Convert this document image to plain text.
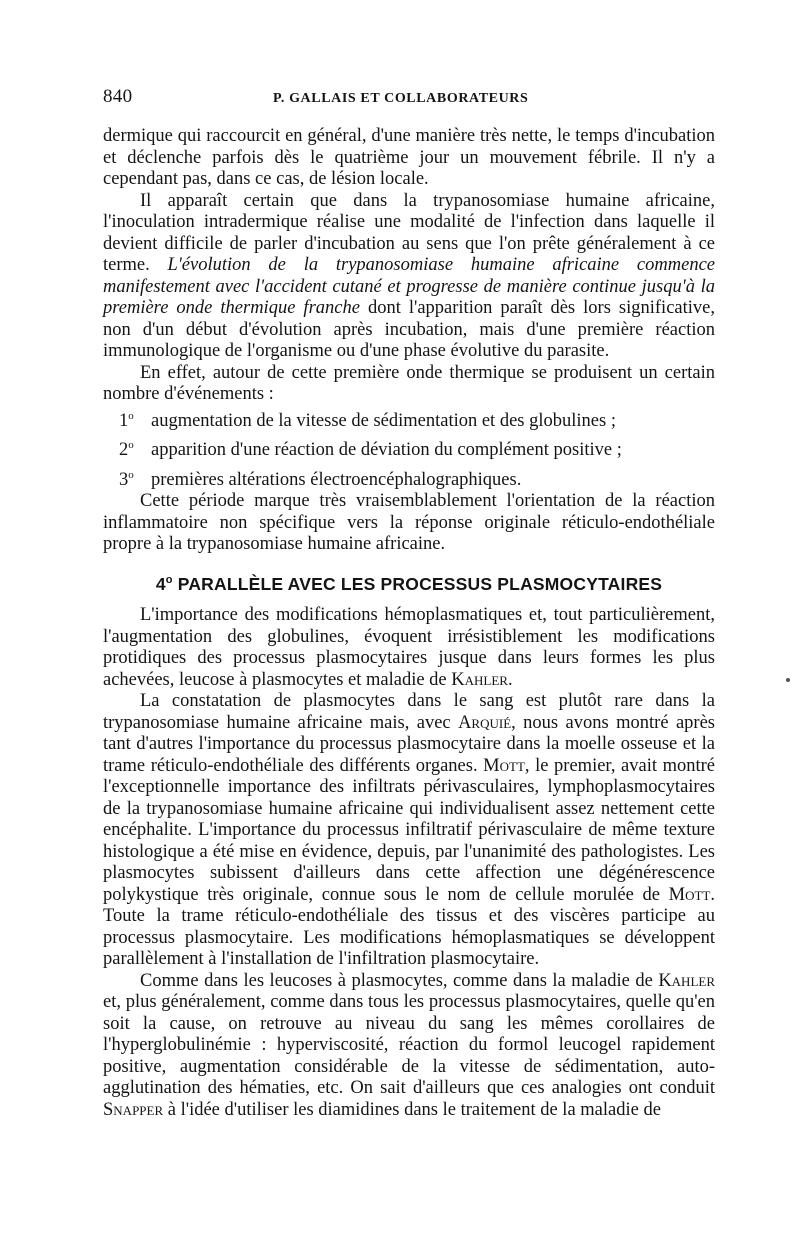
840	P. GALLAIS ET COLLABORATEURS

dermique qui raccourcit en général, d'une manière très nette, le temps d'incubation et déclenche parfois dès le quatrième jour un mouvement fébrile. Il n'y a cependant pas, dans ce cas, de lésion locale.

Il apparaît certain que dans la trypanosomiase humaine africaine, l'inoculation intradermique réalise une modalité de l'infection dans laquelle il devient difficile de parler d'incubation au sens que l'on prête généralement à ce terme. L'évolution de la trypanosomiase humaine africaine commence manifestement avec l'accident cutané et progresse de manière continue jusqu'à la première onde thermique franche dont l'apparition paraît dès lors significative, non d'un début d'évolution après incubation, mais d'une première réaction immunologique de l'organisme ou d'une phase évolutive du parasite.

En effet, autour de cette première onde thermique se produisent un certain nombre d'événements :

1$^o$ augmentation de la vitesse de sédimentation et des globulines ;

2$^o$ apparition d'une réaction de déviation du complément positive ;

3$^o$ premières altérations électroencéphalographiques.

Cette période marque très vraisemblablement l'orientation de la réaction inflammatoire non spécifique vers la réponse originale réticulo-endothéliale propre à la trypanosomiase humaine africaine.

4$^o$ PARALLÈLE AVEC LES PROCESSUS PLASMOCYTAIRES

L'importance des modifications hémoplasmatiques et, tout particulièrement, l'augmentation des globulines, évoquent irrésistiblement les modifications protidiques des processus plasmocytaires jusque dans leurs formes les plus achevées, leucose à plasmocytes et maladie de Kahler.

La constatation de plasmocytes dans le sang est plutôt rare dans la trypanosomiase humaine africaine mais, avec Arquié, nous avons montré après tant d'autres l'importance du processus plasmocytaire dans la moelle osseuse et la trame réticulo-endothéliale des différents organes. Mott, le premier, avait montré l'exceptionnelle importance des infiltrats périvasculaires, lymphoplasmocytaires de la trypanosomiase humaine africaine qui individualisent assez nettement cette encéphalite. L'importance du processus infiltratif périvasculaire de même texture histologique a été mise en évidence, depuis, par l'unanimité des pathologistes. Les plasmocytes subissent d'ailleurs dans cette affection une dégénérescence polykystique très originale, connue sous le nom de cellule morulée de Mott. Toute la trame réticulo-endothéliale des tissus et des viscères participe au processus plasmocytaire. Les modifications hémoplasmatiques se développent parallèlement à l'installation de l'infiltration plasmocytaire.

Comme dans les leucoses à plasmocytes, comme dans la maladie de Kahler et, plus généralement, comme dans tous les processus plasmocytaires, quelle qu'en soit la cause, on retrouve au niveau du sang les mêmes corollaires de l'hyperglobulinémie : hyperviscosité, réaction du formol leucogel rapidement positive, augmentation considérable de la vitesse de sédimentation, auto-agglutination des hématies, etc. On sait d'ailleurs que ces analogies ont conduit Snapper à l'idée d'utiliser les diamidines dans le traitement de la maladie de
